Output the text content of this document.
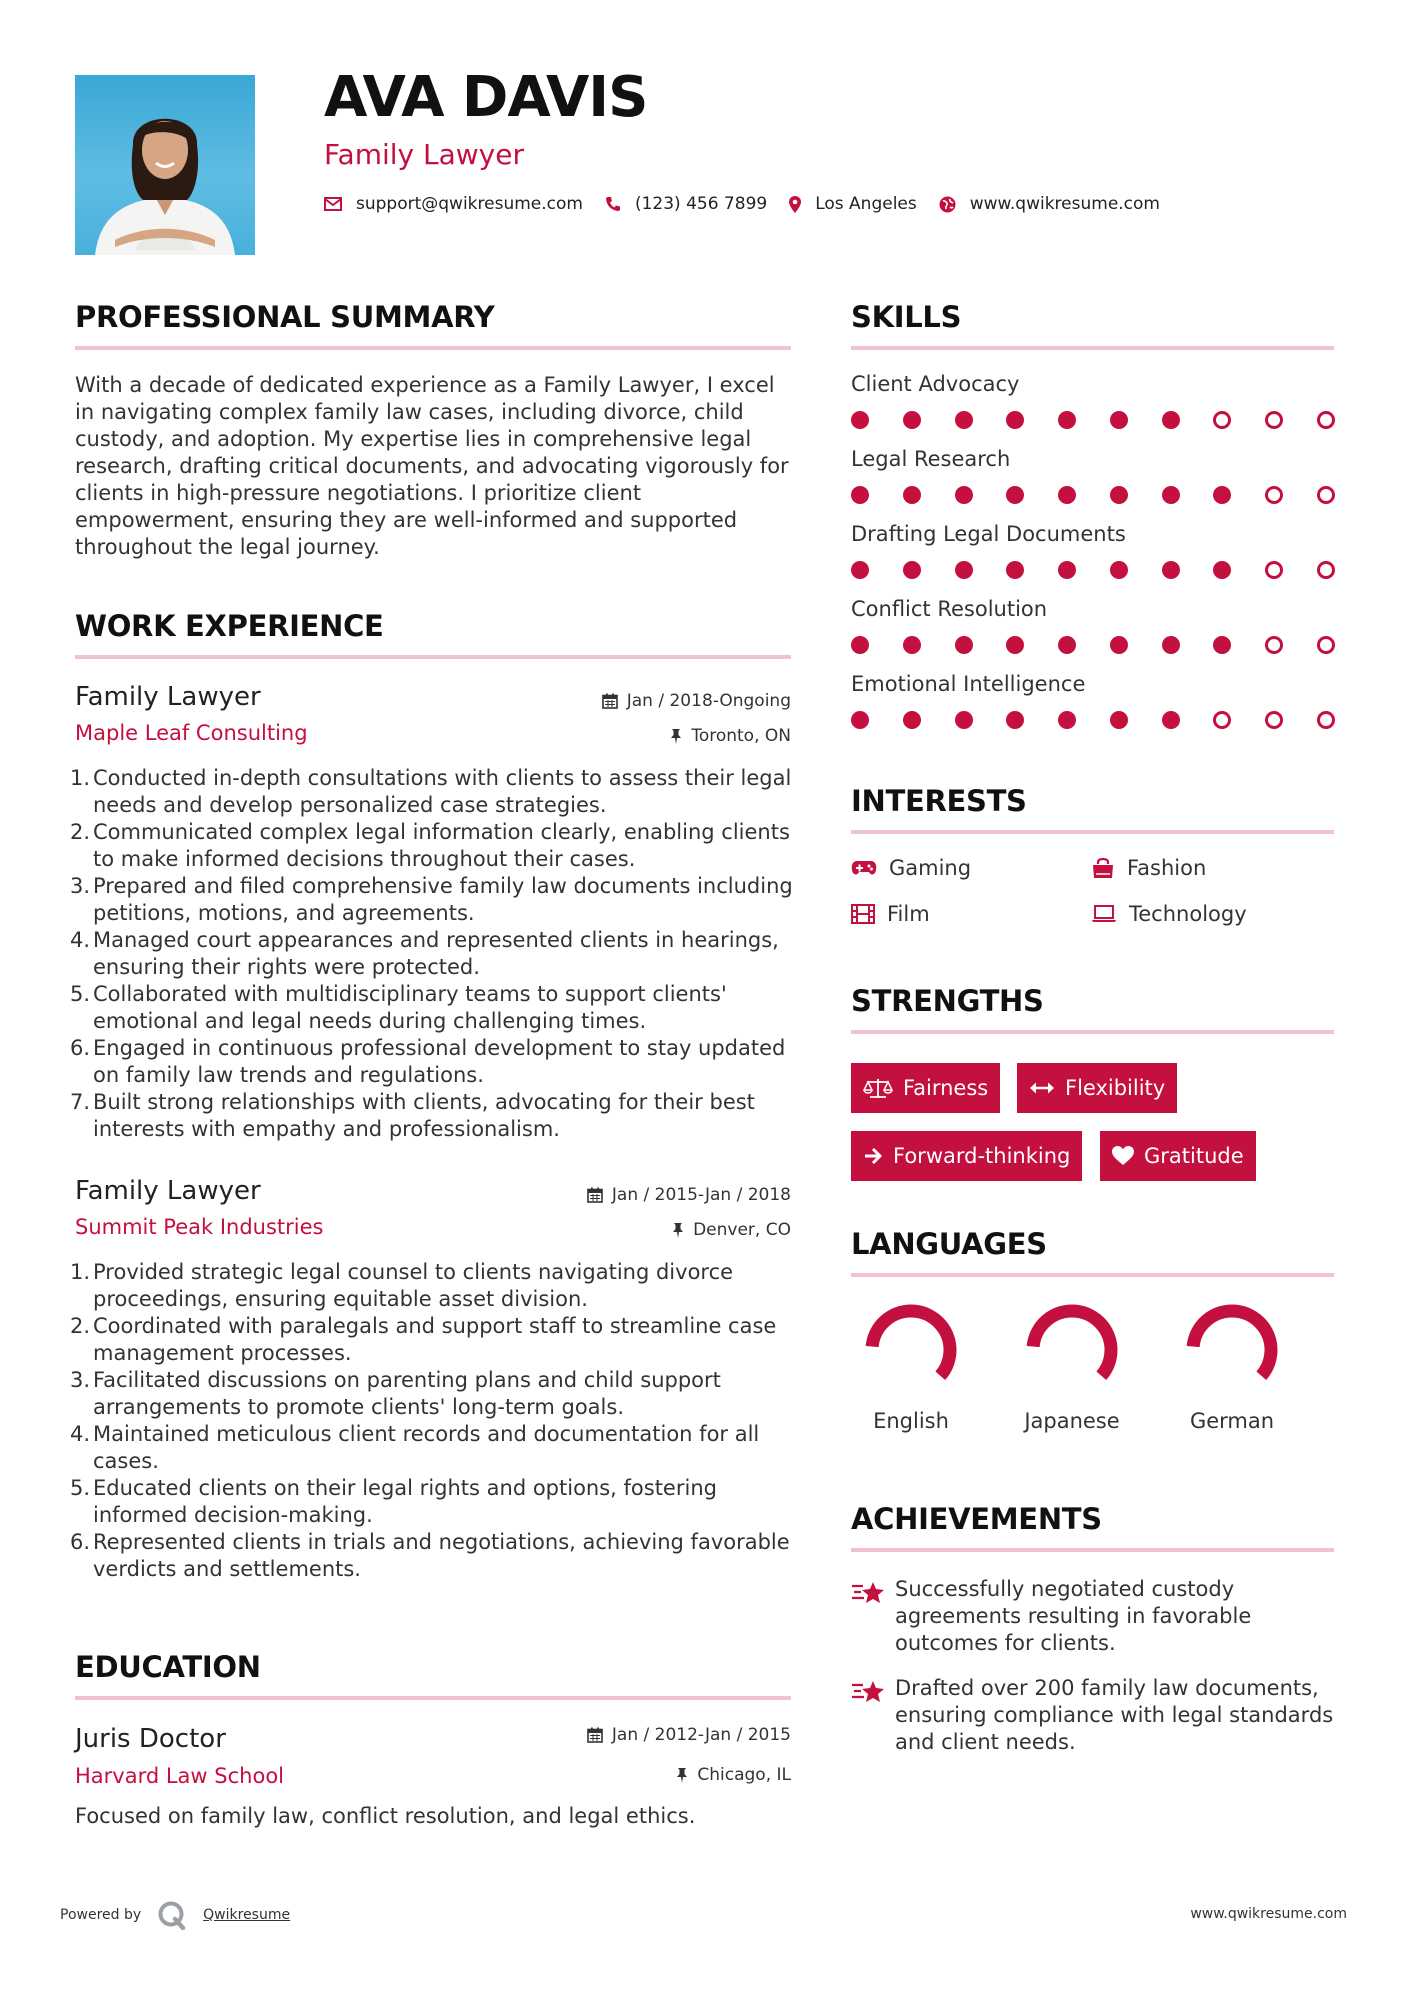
AVA DAVIS
Family Lawyer
support@qwikresume.com	(123) 456 7899	Los Angeles	www.qwikresume.com
PROFESSIONAL SUMMARY

With a decade of dedicated experience as a Family Lawyer, I excel in navigating complex family law cases, including divorce, child custody, and adoption. My expertise lies in comprehensive legal research, drafting critical documents, and advocating vigorously for clients in high-pressure negotiations. I prioritize client empowerment, ensuring they are well-informed and supported throughout the legal journey.

WORK EXPERIENCE
Family Lawyer	Jan / 2018-Ongoing
Maple Leaf Consulting	Toronto, ON
1. Conducted in-depth consultations with clients to assess their legal needs and develop personalized case strategies.
2. Communicated complex legal information clearly, enabling clients to make informed decisions throughout their cases.
3. Prepared and filed comprehensive family law documents including petitions, motions, and agreements.
4. Managed court appearances and represented clients in hearings, ensuring their rights were protected.
5. Collaborated with multidisciplinary teams to support clients' emotional and legal needs during challenging times.
6. Engaged in continuous professional development to stay updated on family law trends and regulations.
7. Built strong relationships with clients, advocating for their best interests with empathy and professionalism.
Family Lawyer	Jan / 2015-Jan / 2018
Summit Peak Industries	Denver, CO
1. Provided strategic legal counsel to clients navigating divorce proceedings, ensuring equitable asset division.
2. Coordinated with paralegals and support staff to streamline case management processes.
3. Facilitated discussions on parenting plans and child support arrangements to promote clients' long-term goals.
4. Maintained meticulous client records and documentation for all cases.
5. Educated clients on their legal rights and options, fostering informed decision-making.
6. Represented clients in trials and negotiations, achieving favorable verdicts and settlements.
EDUCATION
Juris Doctor	Jan / 2012-Jan / 2015
Harvard Law School	Chicago, IL
Focused on family law, conflict resolution, and legal ethics.
SKILLS
Client Advocacy
Legal Research
Drafting Legal Documents
Conflict Resolution
Emotional Intelligence
INTERESTS
Gaming	Fashion
Film	Technology
STRENGTHS
Fairness	Flexibility
Forward-thinking	Gratitude
LANGUAGES
English	Japanese	German
ACHIEVEMENTS
Successfully negotiated custody agreements resulting in favorable outcomes for clients.
Drafted over 200 family law documents, ensuring compliance with legal standards and client needs.
Powered by	Qwikresume	www.qwikresume.com
